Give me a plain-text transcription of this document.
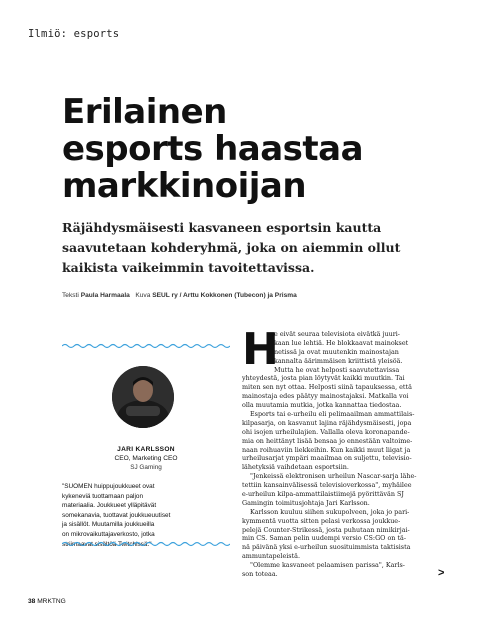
Ilmiö: esports
Erilainen
esports haastaa
markkinoijan

Räjähdysmäisesti kasvaneen esportsin kautta
saavutetaan kohderyhmä, joka on aiemmin ollut
kaikista vaikeimmin tavoitettavissa.

Teksti Paula Harmaala Kuva SEUL ry / Arttu Kokkonen (Tubecon) ja Prisma
JARI KARLSSON
CEO, Marketing CEO
SJ Gaming
"SUOMEN huippujoukkueet ovat
kykeneviä tuottamaan paljon
materiaalia. Joukkueet ylläpitävät
somekanavia, tuottavat joukkueuutiset
ja sisällöt. Muutamilla joukkueilla
on mikrovaikuttajaverkosto, jotka
striimaavat sisältöä Twitchissä."
H
e eivät seuraa televisiota eivätkä juuri-
kaan lue lehtiä. He blokkaavat mainokset
netissä ja ovat muutenkin mainostajan
kannalta äärimmäisen kriittistä yleisöä.
Mutta he ovat helposti saavutettavissa
yhteydestä, josta pian löytyvät kaikki muutkin. Tai
miten sen nyt ottaa. Helposti siinä tapauksessa, että
mainostaja edes päätyy mainostajaksi. Matkalla voi
olla muutamia mutkia, jotka kannattaa tiedostaa.
Esports tai e-urheilu eli pelimaailman ammattilais-
kilpasarja, on kasvanut lajina räjähdysmäisesti, jopa
ohi isojen urheilulajien. Vallalla oleva koronapande-
mia on heittänyt lisää bensaa jo ennestään valtoime-
naan roihuaviin liekkeihin. Kun kaikki muut liigat ja
urheilusarjat ympäri maailmaa on suljettu, televisio-
lähetyksiä vaihdetaan esportsiin.
"Jenkeissä elektronisen urheilun Nascar-sarja lähe-
tettiin kansainvälisessä televisioverkossa", myhäilee
e-urheilun kilpa-ammattilaistiimejä pyörittävän SJ
Gamingin toimitusjohtaja Jari Karlsson.
Karlsson kuuluu siihen sukupolveen, joka jo pari-
kymmentä vuotta sitten pelasi verkossa joukkue-
pelejä Counter-Strikessä, josta puhutaan nimikirjai-
min CS. Saman pelin uudempi versio CS:GO on tä-
nä päivänä yksi e-urheilun suosituimmista taktisista
ammuntapeleistä.
"Olemme kasvaneet pelaamisen parissa", Karls-
son toteaa.	>
38 MRKTNG
